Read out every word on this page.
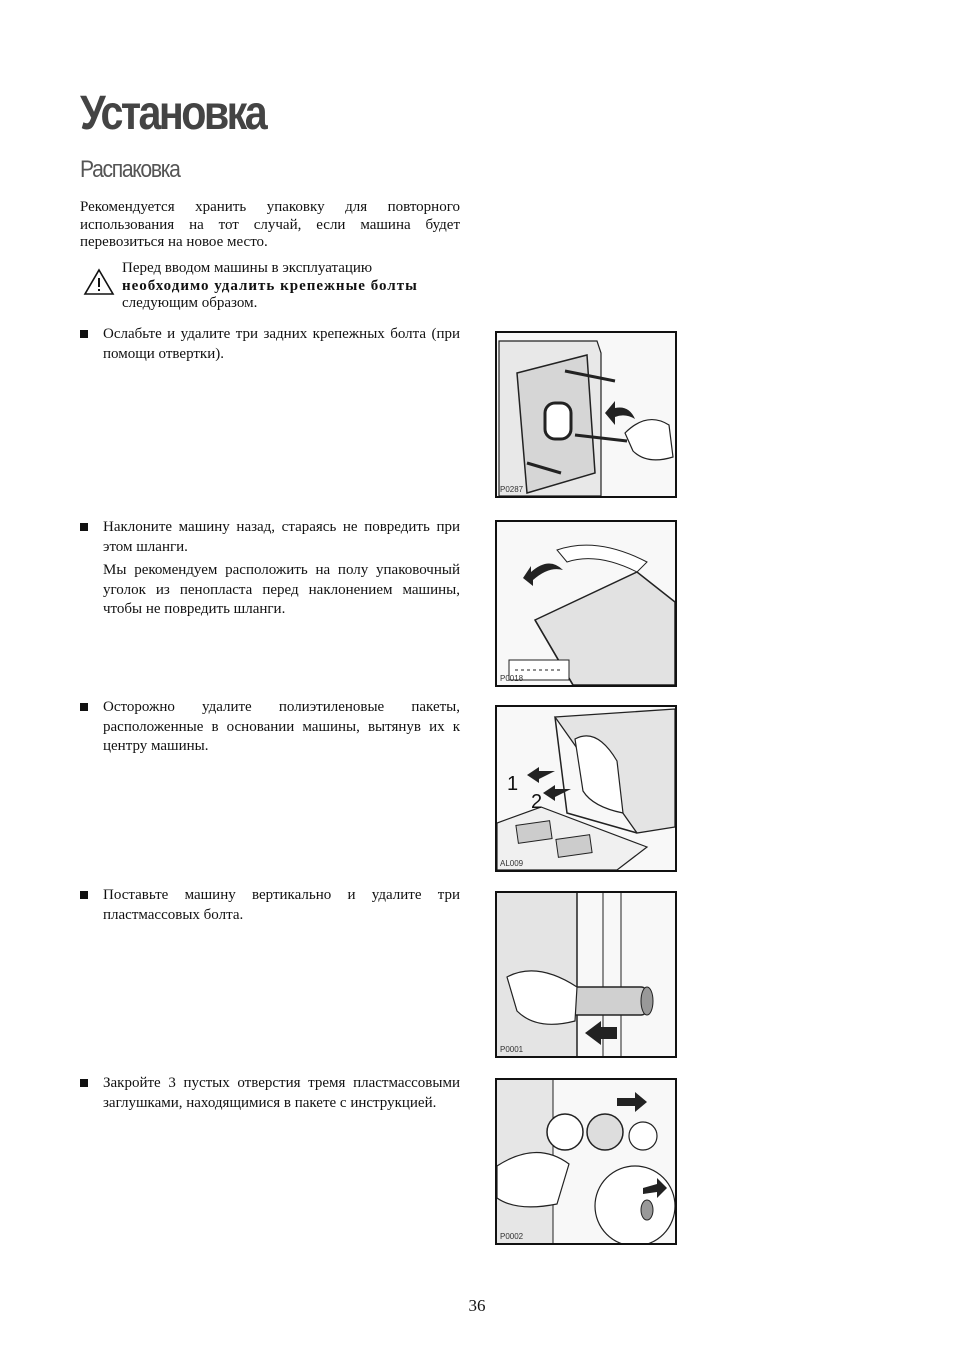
Установка
Распаковка
Рекомендуется хранить упаковку для повторного использования на тот случай, если машина будет перевозиться на новое место.
Перед вводом машины в эксплуатацию
необходимо удалить крепежные болты
следующим образом.

Ослабьте и удалите три задних крепежных болта (при помощи отвертки).

P0287

Наклоните машину назад, стараясь не повредить при этом шланги.

Мы рекомендуем расположить на полу упаковочный уголок из пенопласта перед наклонением машины, чтобы не повредить шланги.

P0018

Осторожно удалите полиэтиленовые пакеты, расположенные в основании машины, вытянув их к центру машины.

1
2
AL009

Поставьте машину вертикально и удалите три пластмассовых болта.

P0001

Закройте 3 пустых отверстия тремя пластмассовыми заглушками, находящимися в пакете с инструкцией.

P0002
36
